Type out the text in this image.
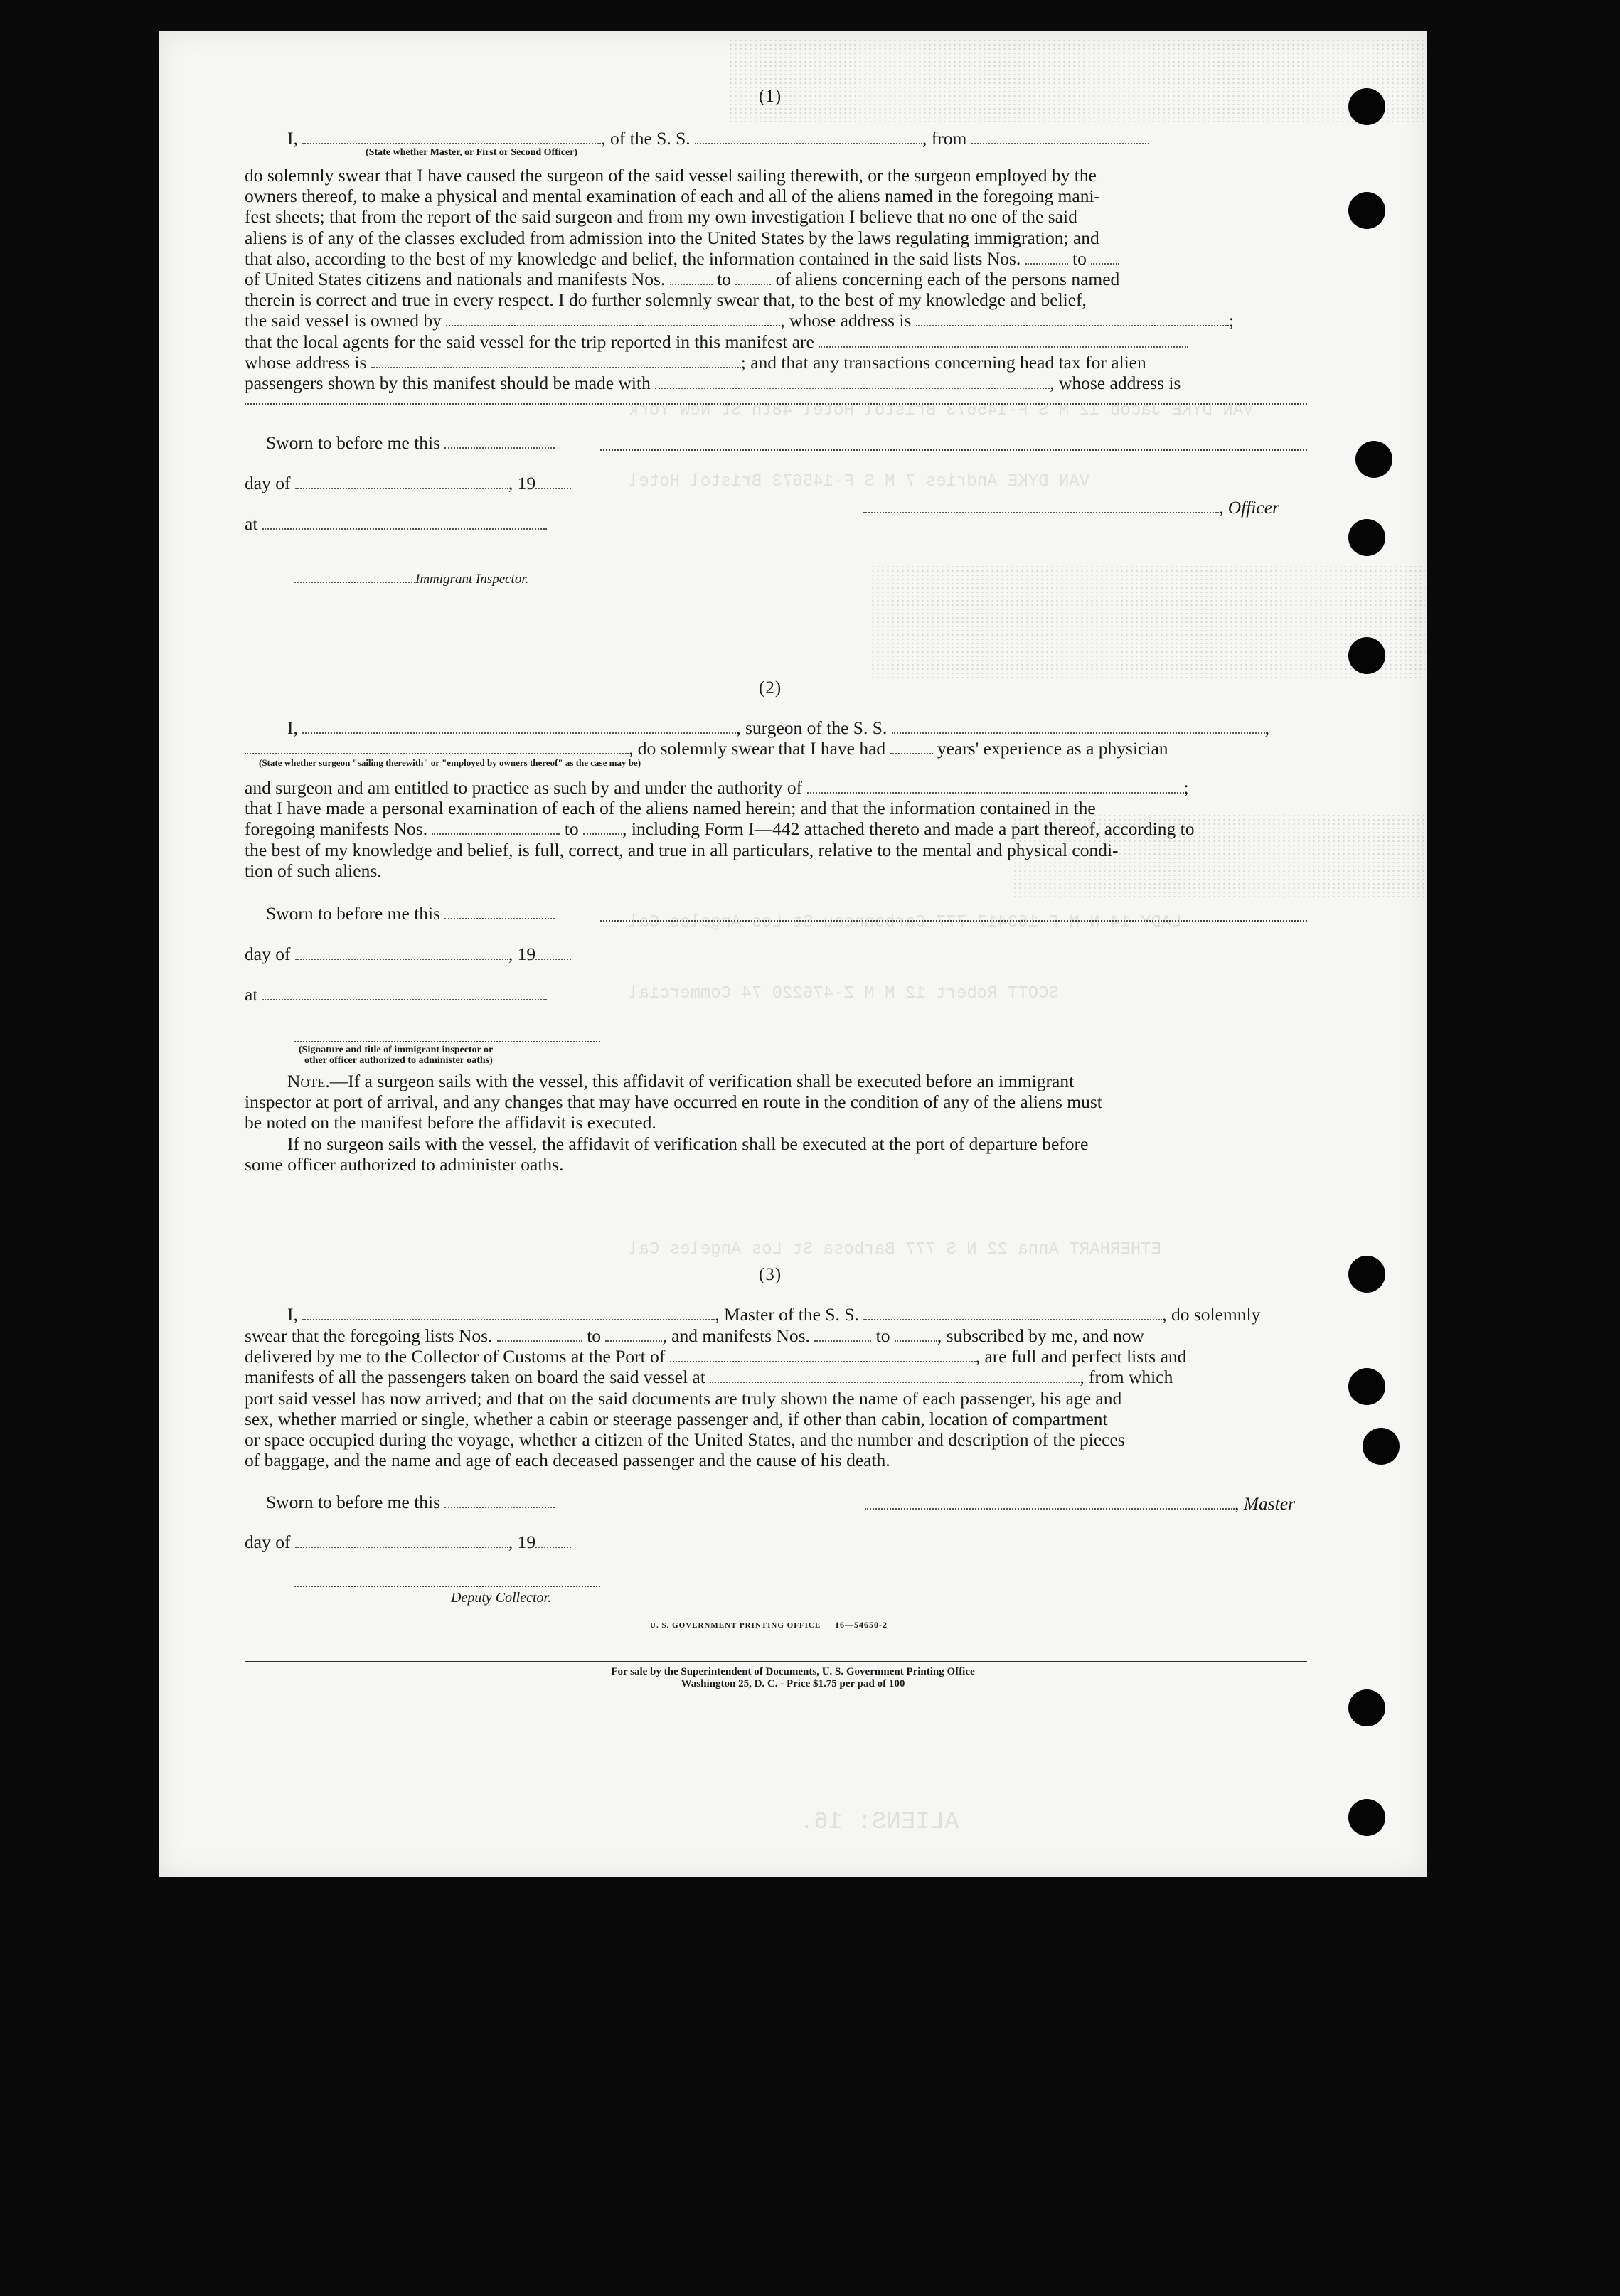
VAN DYKE Jacob 12 M S F-145673 Bristol Hotel 48th St New York
VAN DYKE Andries 7 M S F-145673 Bristol Hotel
LADY 14 N M F-163417 777 Carbonneau St Los Angeles Cal
SCOTT Robert 12 M M Z-476220 74 Commercial
ETHERHART Anna 22 N S 777 Barbosa St Los Angeles Cal
ALIENS: 16.
(1)
I,	, of the S. S.	, from
(State whether Master, or First or Second Officer)
do solemnly swear that I have caused the surgeon of the said vessel sailing therewith, or the surgeon employed by the
owners thereof, to make a physical and mental examination of each and all of the aliens named in the foregoing mani-
fest sheets; that from the report of the said surgeon and from my own investigation I believe that no one of the said
aliens is of any of the classes excluded from admission into the United States by the laws regulating immigration; and
that also, according to the best of my knowledge and belief, the information contained in the said lists Nos.	to
of United States citizens and nationals and manifests Nos.	to of aliens concerning each of the persons named
therein is correct and true in every respect. I do further solemnly swear that, to the best of my knowledge and belief,
the said vessel is owned by	, whose address is	;
that the local agents for the said vessel for the trip reported in this manifest are
whose address is	; and that any transactions concerning head tax for alien
passengers shown by this manifest should be made with	, whose address is
Sworn to before me this
day of	, 19
, Officer
at
Immigrant Inspector.
(2)
I,	, surgeon of the S. S.	,
, do solemnly swear that I have had	years' experience as a physician
(State whether surgeon "sailing therewith" or "employed by owners thereof" as the case may be)
and surgeon and am entitled to practice as such by and under the authority of	;
that I have made a personal examination of each of the aliens named herein; and that the information contained in the
foregoing manifests Nos.	to , including Form I—442 attached thereto and made a part thereof, according to
the best of my knowledge and belief, is full, correct, and true in all particulars, relative to the mental and physical condi-
tion of such aliens.
Sworn to before me this
day of	, 19
at
(Signature and title of immigrant inspector or
other officer authorized to administer oaths)
Note.—If a surgeon sails with the vessel, this affidavit of verification shall be executed before an immigrant
inspector at port of arrival, and any changes that may have occurred en route in the condition of any of the aliens must
be noted on the manifest before the affidavit is executed.
If no surgeon sails with the vessel, the affidavit of verification shall be executed at the port of departure before
some officer authorized to administer oaths.
(3)
I,	, Master of the S. S.	, do solemnly
swear that the foregoing lists Nos.	to	, and manifests Nos.	to	, subscribed by me, and now
delivered by me to the Collector of Customs at the Port of	, are full and perfect lists and
manifests of all the passengers taken on board the said vessel at	, from which
port said vessel has now arrived; and that on the said documents are truly shown the name of each passenger, his age and
sex, whether married or single, whether a cabin or steerage passenger and, if other than cabin, location of compartment
or space occupied during the voyage, whether a citizen of the United States, and the number and description of the pieces
of baggage, and the name and age of each deceased passenger and the cause of his death.
Sworn to before me this	, Master
day of	, 19
Deputy Collector.
U. S. GOVERNMENT PRINTING OFFICE 16—54650-2
For sale by the Superintendent of Documents, U. S. Government Printing Office
Washington 25, D. C. - Price $1.75 per pad of 100
